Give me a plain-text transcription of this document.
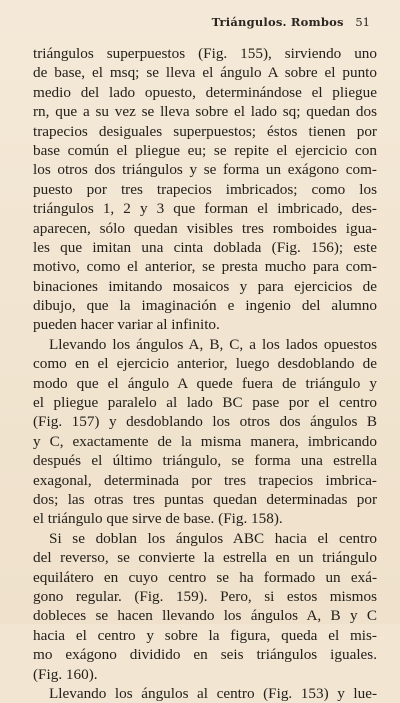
Triángulos. Rombos 51
triángulos superpuestos (Fig. 155), sirviendo uno
de base, el msq; se lleva el ángulo A sobre el punto
medio del lado opuesto, determinándose el pliegue
rn, que a su vez se lleva sobre el lado sq; quedan dos
trapecios desiguales superpuestos; éstos tienen por
base común el pliegue eu; se repite el ejercicio con
los otros dos triángulos y se forma un exágono com-
puesto por tres trapecios imbricados; como los
triángulos 1, 2 y 3 que forman el imbricado, des-
aparecen, sólo quedan visibles tres romboides igua-
les que imitan una cinta doblada (Fig. 156); este
motivo, como el anterior, se presta mucho para com-
binaciones imitando mosaicos y para ejercicios de
dibujo, que la imaginación e ingenio del alumno
pueden hacer variar al infinito.
Llevando los ángulos A, B, C, a los lados opuestos
como en el ejercicio anterior, luego desdoblando de
modo que el ángulo A quede fuera de triángulo y
el pliegue paralelo al lado BC pase por el centro
(Fig. 157) y desdoblando los otros dos ángulos B
y C, exactamente de la misma manera, imbricando
después el último triángulo, se forma una estrella
exagonal, determinada por tres trapecios imbrica-
dos; las otras tres puntas quedan determinadas por
el triángulo que sirve de base. (Fig. 158).
Si se doblan los ángulos ABC hacia el centro
del reverso, se convierte la estrella en un triángulo
equilátero en cuyo centro se ha formado un exá-
gono regular. (Fig. 159). Pero, si estos mismos
dobleces se hacen llevando los ángulos A, B y C
hacia el centro y sobre la figura, queda el mis-
mo exágono dividido en seis triángulos iguales.
(Fig. 160).
Llevando los ángulos al centro (Fig. 153) y lue-
